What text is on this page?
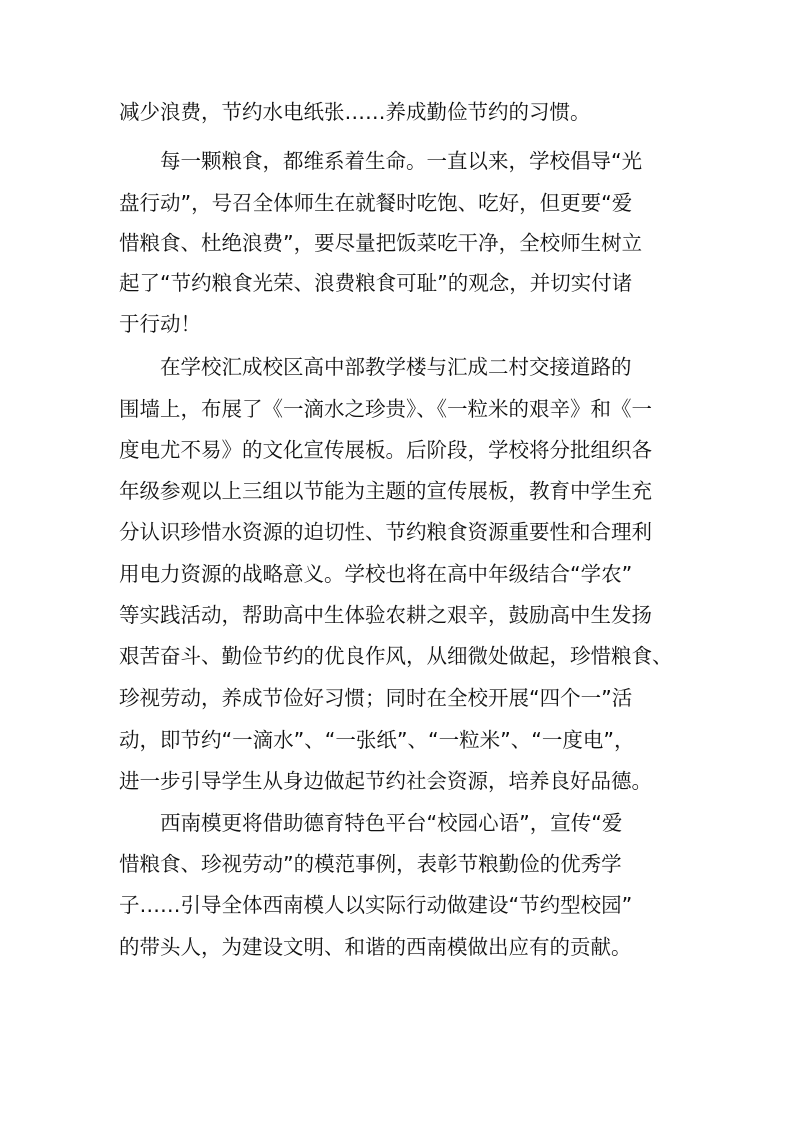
减少浪费，节约水电纸张……养成勤俭节约的习惯。
每一颗粮食，都维系着生命。一直以来，学校倡导“光
盘行动”，号召全体师生在就餐时吃饱、吃好，但更要“爱
惜粮食、杜绝浪费”，要尽量把饭菜吃干净，全校师生树立
起了“节约粮食光荣、浪费粮食可耻”的观念，并切实付诸
于行动！
在学校汇成校区高中部教学楼与汇成二村交接道路的
围墙上，布展了《一滴水之珍贵》、《一粒米的艰辛》和《一
度电尤不易》的文化宣传展板。后阶段，学校将分批组织各
年级参观以上三组以节能为主题的宣传展板，教育中学生充
分认识珍惜水资源的迫切性、节约粮食资源重要性和合理利
用电力资源的战略意义。学校也将在高中年级结合“学农”
等实践活动，帮助高中生体验农耕之艰辛，鼓励高中生发扬
艰苦奋斗、勤俭节约的优良作风，从细微处做起，珍惜粮食、
珍视劳动，养成节俭好习惯；同时在全校开展“四个一”活
动，即节约“一滴水”、“一张纸”、“一粒米”、“一度电”，
进一步引导学生从身边做起节约社会资源，培养良好品德。
西南模更将借助德育特色平台“校园心语”，宣传“爱
惜粮食、珍视劳动”的模范事例，表彰节粮勤俭的优秀学
子……引导全体西南模人以实际行动做建设“节约型校园”
的带头人，为建设文明、和谐的西南模做出应有的贡献。
